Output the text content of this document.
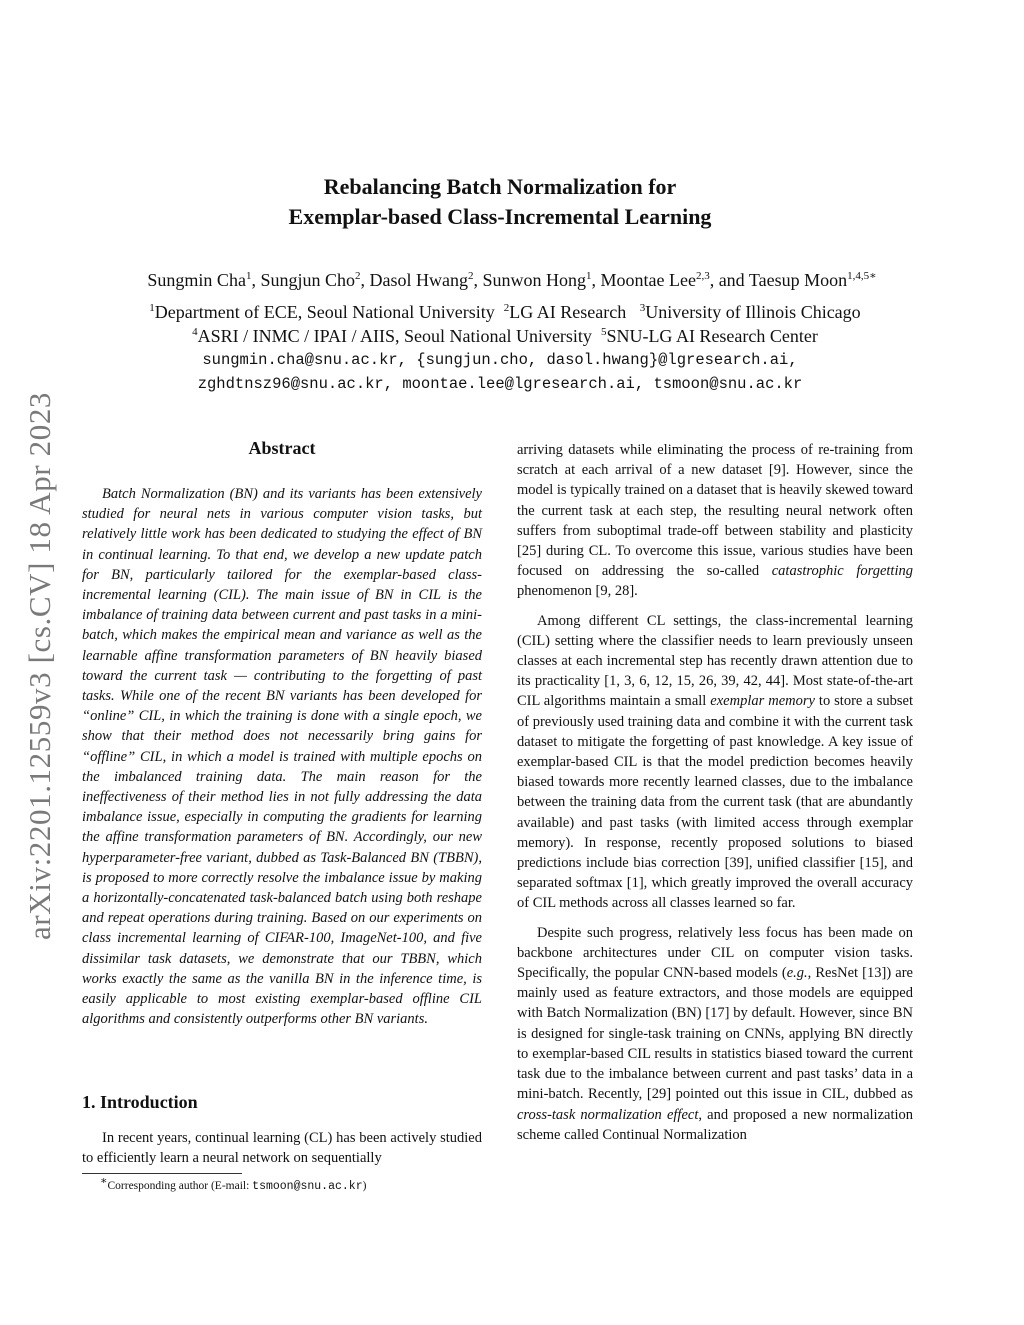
arXiv:2201.12559v3 [cs.CV] 18 Apr 2023
Rebalancing Batch Normalization for
Exemplar-based Class-Incremental Learning
Sungmin Cha$^1$, Sungjun Cho$^2$, Dasol Hwang$^2$, Sunwon Hong$^1$, Moontae Lee$^{2,3}$, and Taesup Moon$^{1,4,5∗}$
$^1$Department of ECE, Seoul National University $^2$LG AI Research $^3$University of Illinois Chicago
$^4$ASRI / INMC / IPAI / AIIS, Seoul National University $^5$SNU-LG AI Research Center
sungmin.cha@snu.ac.kr, {sungjun.cho, dasol.hwang}@lgresearch.ai,
zghdtnsz96@snu.ac.kr, moontae.lee@lgresearch.ai, tsmoon@snu.ac.kr
Abstract

Batch Normalization (BN) and its variants has been extensively studied for neural nets in various computer vision tasks, but relatively little work has been dedicated to studying the effect of BN in continual learning. To that end, we develop a new update patch for BN, particularly tailored for the exemplar-based class-incremental learning (CIL). The main issue of BN in CIL is the imbalance of training data between current and past tasks in a mini-batch, which makes the empirical mean and variance as well as the learnable affine transformation parameters of BN heavily biased toward the current task — contributing to the forgetting of past tasks. While one of the recent BN variants has been developed for “online” CIL, in which the training is done with a single epoch, we show that their method does not necessarily bring gains for “offline” CIL, in which a model is trained with multiple epochs on the imbalanced training data. The main reason for the ineffectiveness of their method lies in not fully addressing the data imbalance issue, especially in computing the gradients for learning the affine transformation parameters of BN. Accordingly, our new hyperparameter-free variant, dubbed as Task-Balanced BN (TBBN), is proposed to more correctly resolve the imbalance issue by making a horizontally-concatenated task-balanced batch using both reshape and repeat operations during training. Based on our experiments on class incremental learning of CIFAR-100, ImageNet-100, and five dissimilar task datasets, we demonstrate that our TBBN, which works exactly the same as the vanilla BN in the inference time, is easily applicable to most existing exemplar-based offline CIL algorithms and consistently outperforms other BN variants.

1. Introduction

In recent years, continual learning (CL) has been actively studied to efficiently learn a neural network on sequentially

∗Corresponding author (E-mail: tsmoon@snu.ac.kr)

arriving datasets while eliminating the process of re-training from scratch at each arrival of a new dataset [9]. However, since the model is typically trained on a dataset that is heavily skewed toward the current task at each step, the resulting neural network often suffers from suboptimal trade-off between stability and plasticity [25] during CL. To overcome this issue, various studies have been focused on addressing the so-called catastrophic forgetting phenomenon [9, 28].

Among different CL settings, the class-incremental learning (CIL) setting where the classifier needs to learn previously unseen classes at each incremental step has recently drawn attention due to its practicality [1, 3, 6, 12, 15, 26, 39, 42, 44]. Most state-of-the-art CIL algorithms maintain a small exemplar memory to store a subset of previously used training data and combine it with the current task dataset to mitigate the forgetting of past knowledge. A key issue of exemplar-based CIL is that the model prediction becomes heavily biased towards more recently learned classes, due to the imbalance between the training data from the current task (that are abundantly available) and past tasks (with limited access through exemplar memory). In response, recently proposed solutions to biased predictions include bias correction [39], unified classifier [15], and separated softmax [1], which greatly improved the overall accuracy of CIL methods across all classes learned so far.

Despite such progress, relatively less focus has been made on backbone architectures under CIL on computer vision tasks. Specifically, the popular CNN-based models (e.g., ResNet [13]) are mainly used as feature extractors, and those models are equipped with Batch Normalization (BN) [17] by default. However, since BN is designed for single-task training on CNNs, applying BN directly to exemplar-based CIL results in statistics biased toward the current task due to the imbalance between current and past tasks’ data in a mini-batch. Recently, [29] pointed out this issue in CIL, dubbed as cross-task normalization effect, and proposed a new normalization scheme called Continual Normalization
